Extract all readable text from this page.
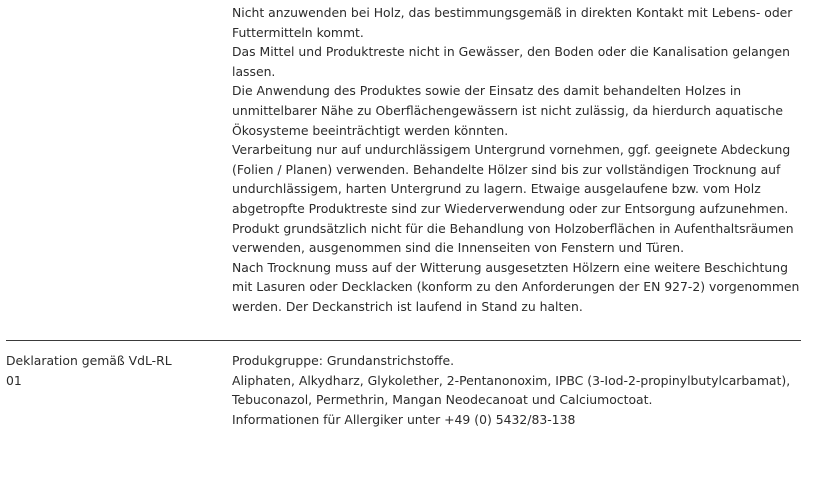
Nicht anzuwenden bei Holz, das bestimmungsgemäß in direkten Kontakt mit Lebens- oder Futtermitteln kommt.

Das Mittel und Produktreste nicht in Gewässer, den Boden oder die Kanalisation gelangen lassen.

Die Anwendung des Produktes sowie der Einsatz des damit behandelten Holzes in unmittelbarer Nähe zu Oberflächengewässern ist nicht zulässig, da hierdurch aquatische Ökosysteme beeinträchtigt werden könnten.

Verarbeitung nur auf undurchlässigem Untergrund vornehmen, ggf. geeignete Abdeckung (Folien / Planen) verwenden. Behandelte Hölzer sind bis zur vollständigen Trocknung auf undurchlässigem, harten Untergrund zu lagern. Etwaige ausgelaufene bzw. vom Holz abgetropfte Produktreste sind zur Wiederverwendung oder zur Entsorgung aufzunehmen.

Produkt grundsätzlich nicht für die Behandlung von Holzoberflächen in Aufenthaltsräumen verwenden, ausgenommen sind die Innenseiten von Fenstern und Türen.

Nach Trocknung muss auf der Witterung ausgesetzten Hölzern eine weitere Beschichtung mit Lasuren oder Decklacken (konform zu den Anforderungen der EN 927-2) vorgenommen werden. Der Deckanstrich ist laufend in Stand zu halten.

Deklaration gemäß VdL-RL 01

Produkgruppe: Grundanstrichstoffe.

Aliphaten, Alkydharz, Glykolether, 2-Pentanonoxim, IPBC (3-Iod-2-propinylbutylcarbamat), Tebuconazol, Permethrin, Mangan Neodecanoat und Calciumoctoat.

Informationen für Allergiker unter +49 (0) 5432/83-138
